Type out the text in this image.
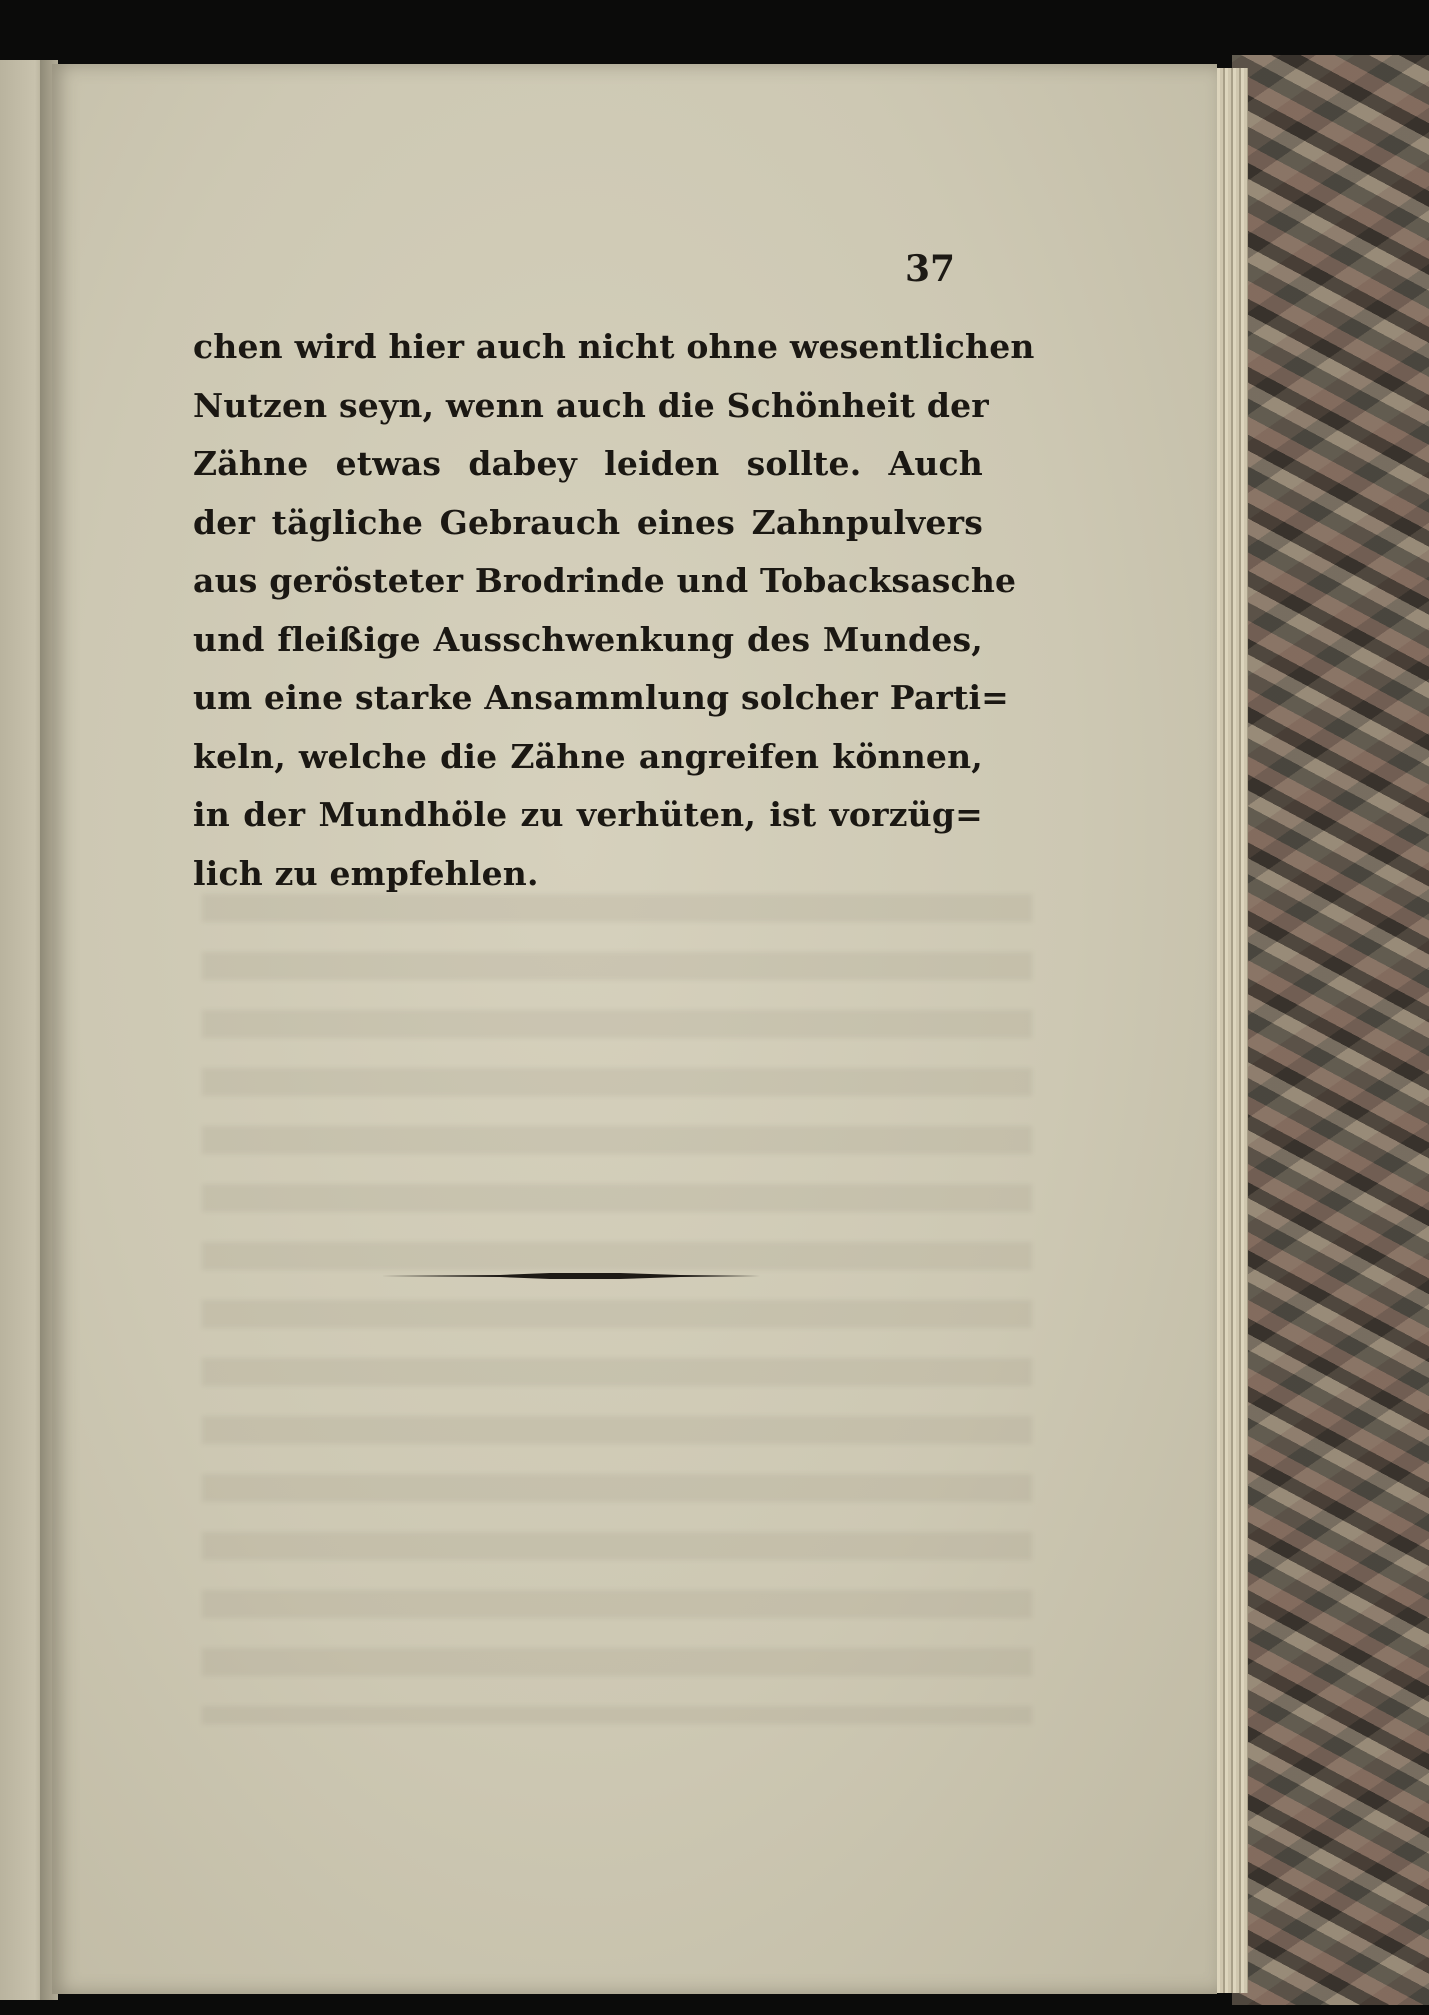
37
chen wird hier auch nicht ohne wesentlichen
Nutzen seyn, wenn auch die Schönheit der
Zähne etwas dabey leiden sollte. Auch
der tägliche Gebrauch eines Zahnpulvers
aus gerösteter Brodrinde und Tobacksasche
und fleißige Ausschwenkung des Mundes,
um eine starke Ansammlung solcher Parti=
keln, welche die Zähne angreifen können,
in der Mundhöle zu verhüten, ist vorzüg=
lich zu empfehlen.
